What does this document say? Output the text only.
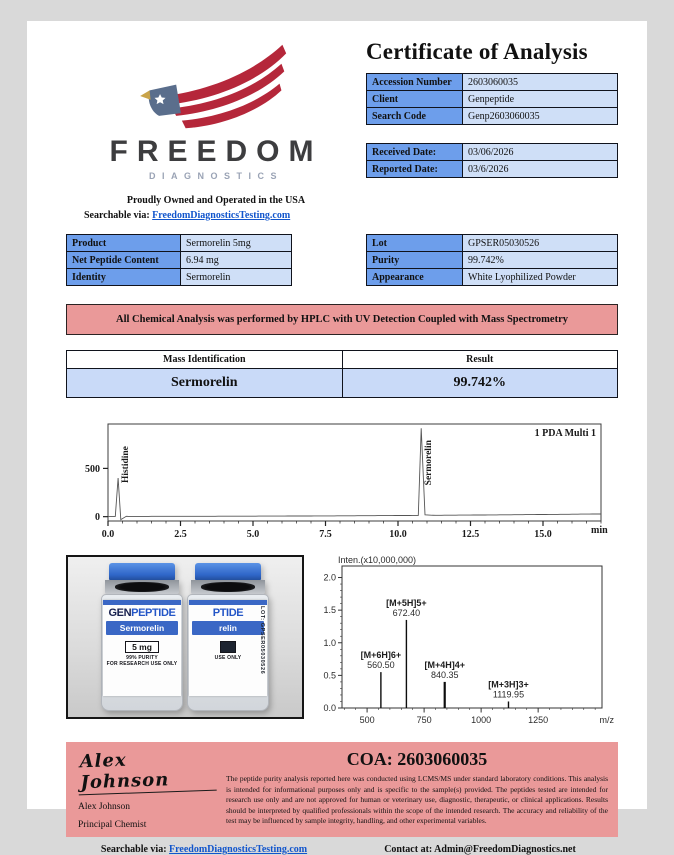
FREEDOM
DIAGNOSTICS
Proudly Owned and Operated in the USA
Searchable via: FreedomDiagnosticsTesting.com
Certificate of Analysis
Accession Number	2603060035
Client	Genpeptide
Search Code	Genp2603060035
Received Date:	03/06/2026
Reported Date:	03/6/2026
Product	Sermorelin 5mg
Net Peptide Content	6.94 mg
Identity	Sermorelin
Lot	GPSER05030526
Purity	99.742%
Appearance	White Lyophilized Powder
All Chemical Analysis was performed by HPLC with UV Detection Coupled with Mass Spectrometry
Mass Identification	Result
Sermorelin	99.742%
0
500
0.0	2.5	5.0	7.5	10.0	12.5	15.0	min
1 PDA Multi 1
Histidine	Sermorelin
GENPEPTIDE
Sermorelin
5 mg
99% PURITY
FOR RESEARCH USE ONLY
PTIDE
relin

USE ONLY	LOT: GPSER05030526
Inten.(x10,000,000)
0.0
0.5
1.0
1.5
2.0
500	750	1000	1250	m/z
[M+6H]6+
560.50
[M+5H]5+
672.40
[M+4H]4+
840.35
[M+3H]3+
1119.95
Alex Johnson
Alex Johnson
Principal Chemist
COA: 2603060035
The peptide purity analysis reported here was conducted using LCMS/MS under standard laboratory conditions. This analysis is intended for informational purposes only and is specific to the sample(s) provided. The peptides tested are intended for research use only and are not approved for human or veterinary use, diagnostic, therapeutic, or clinical applications. Results should be interpreted by qualified professionals within the scope of the intended research. The accuracy and reliability of the test may be influenced by sample integrity, handling, and other experimental variables.
Searchable via: FreedomDiagnosticsTesting.com	Contact at: Admin@FreedomDiagnostics.net
